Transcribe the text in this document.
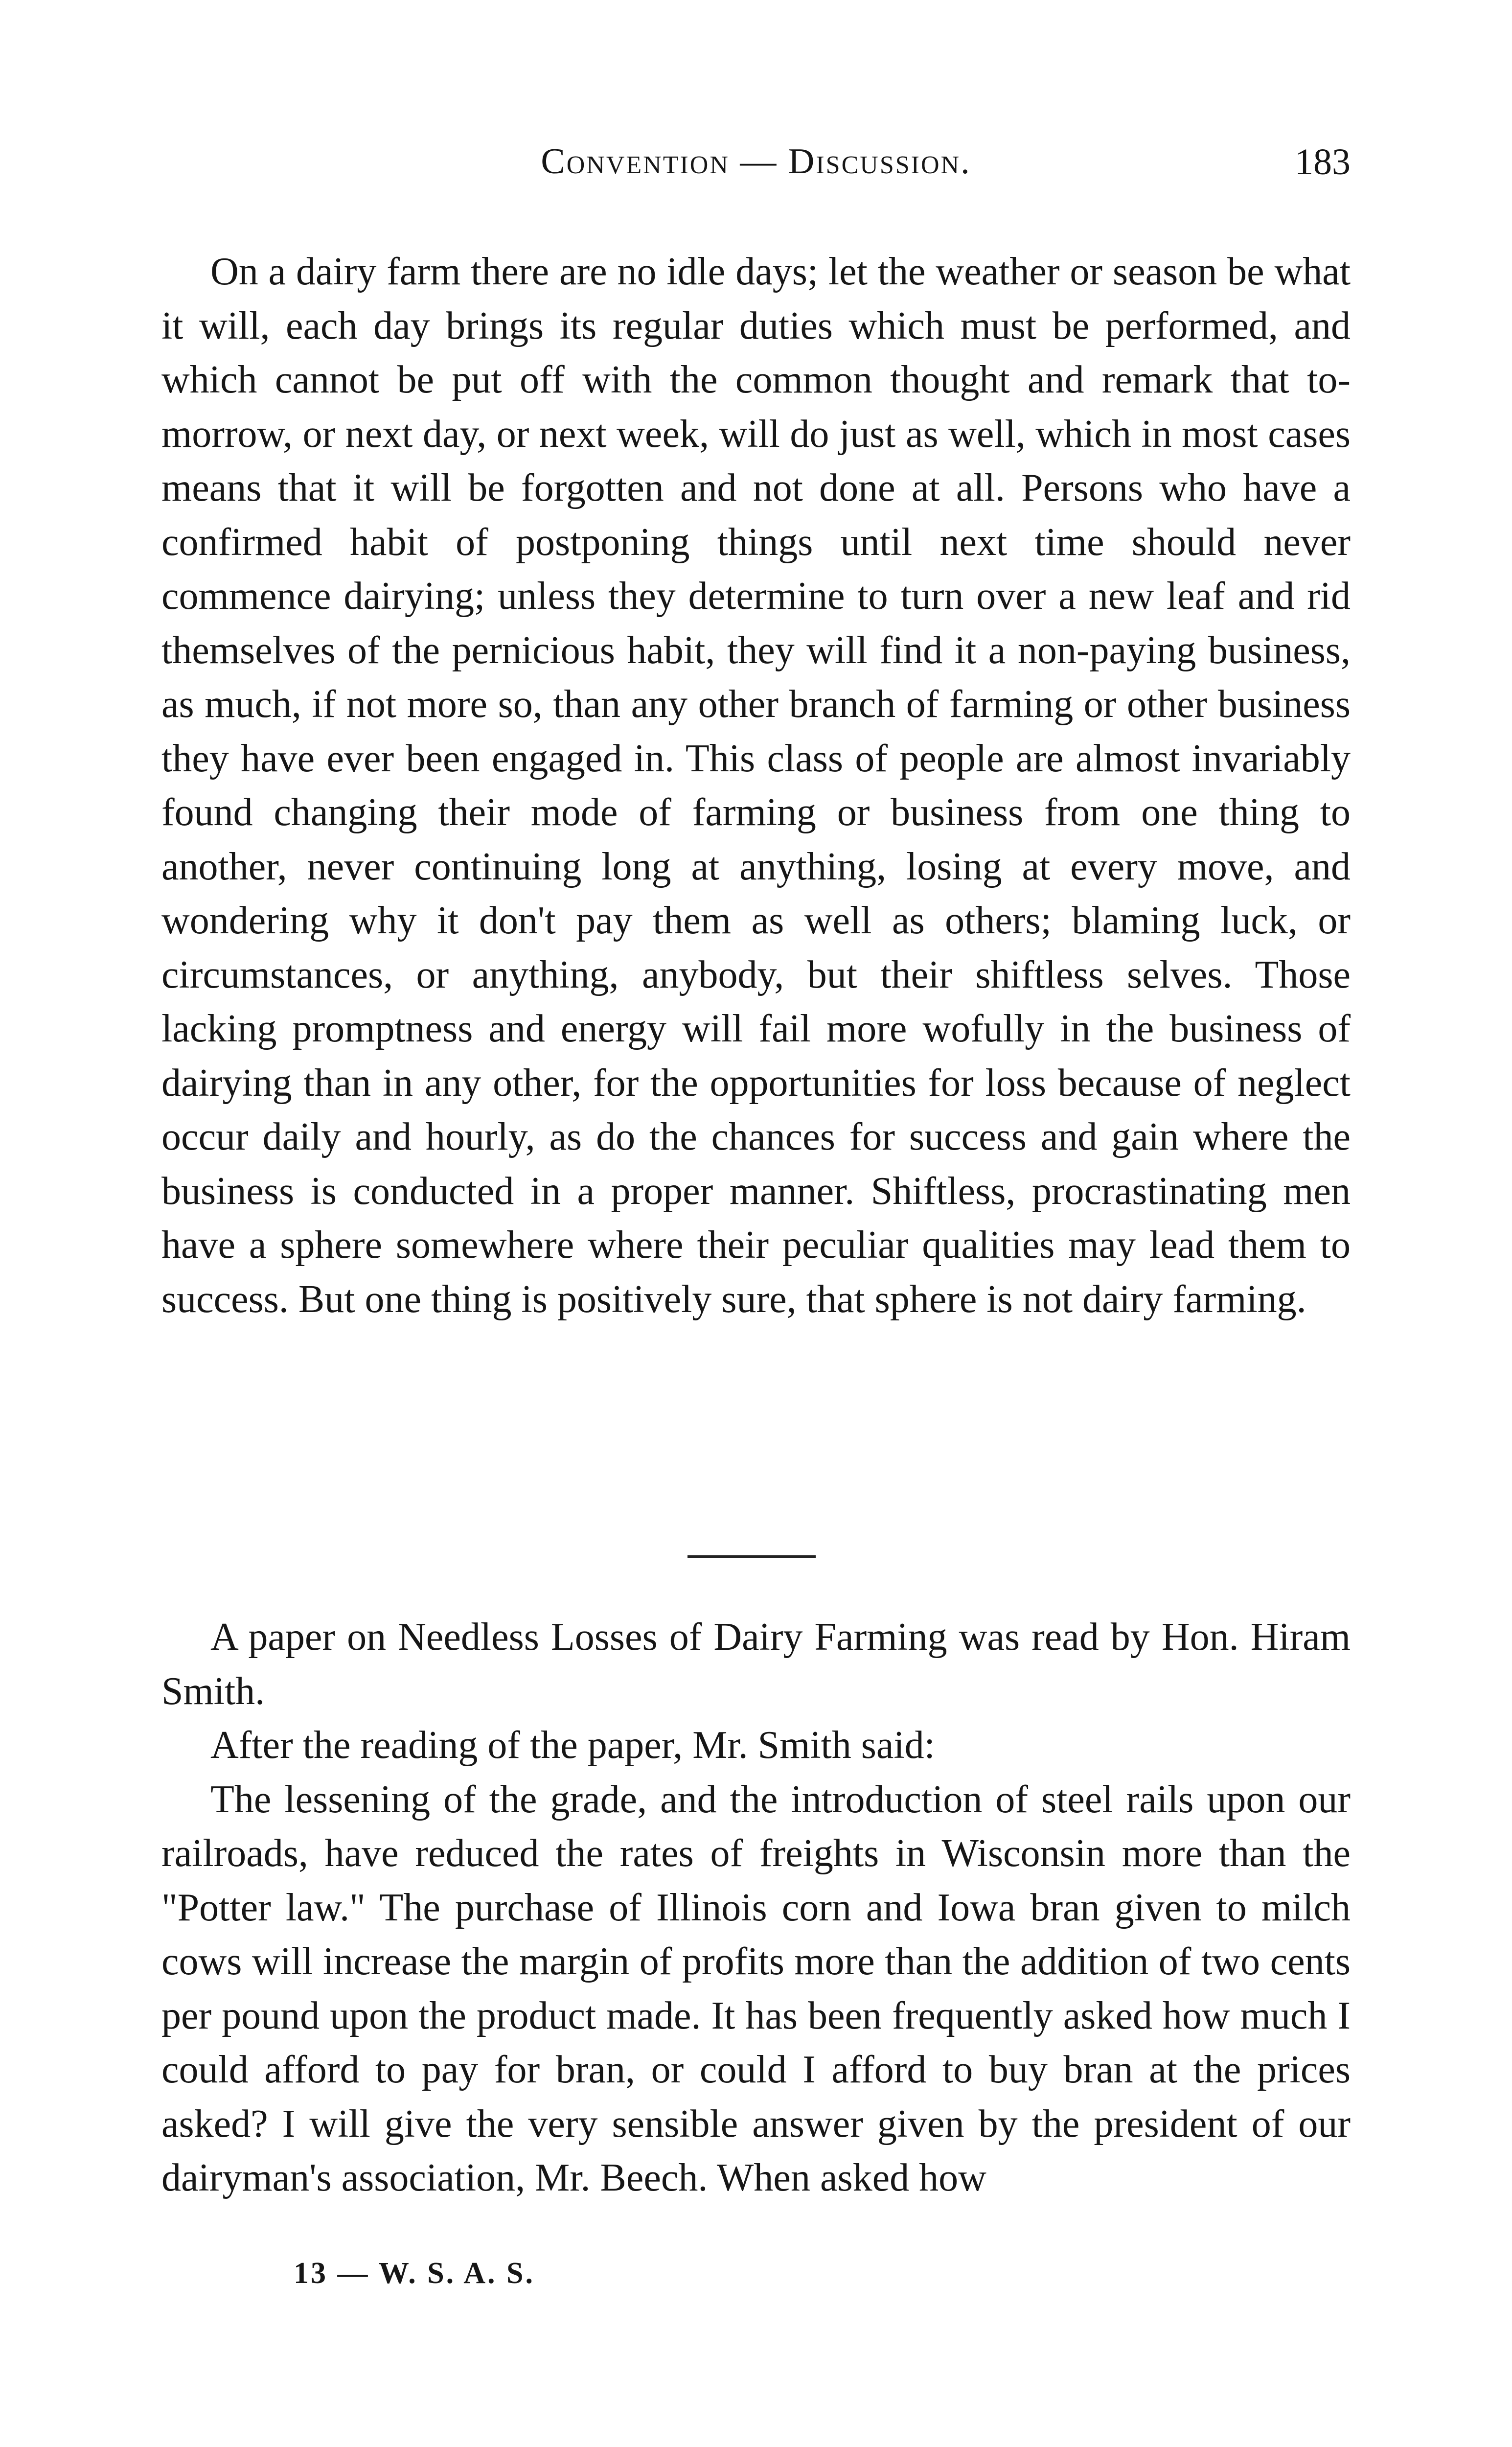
Convention — Discussion.	183

On a dairy farm there are no idle days; let the weather or season be what it will, each day brings its regular duties which must be performed, and which cannot be put off with the common thought and remark that to-morrow, or next day, or next week, will do just as well, which in most cases means that it will be forgotten and not done at all. Persons who have a confirmed habit of postponing things until next time should never commence dairying; unless they determine to turn over a new leaf and rid themselves of the pernicious habit, they will find it a non-paying business, as much, if not more so, than any other branch of farming or other business they have ever been engaged in. This class of people are almost invariably found changing their mode of farming or business from one thing to another, never continuing long at anything, losing at every move, and wondering why it don't pay them as well as others; blaming luck, or circumstances, or anything, anybody, but their shiftless selves. Those lacking promptness and energy will fail more wofully in the business of dairying than in any other, for the opportunities for loss because of neglect occur daily and hourly, as do the chances for success and gain where the business is conducted in a proper manner. Shiftless, procrastinating men have a sphere somewhere where their peculiar qualities may lead them to success. But one thing is positively sure, that sphere is not dairy farming.

A paper on Needless Losses of Dairy Farming was read by Hon. Hiram Smith.

After the reading of the paper, Mr. Smith said:

The lessening of the grade, and the introduction of steel rails upon our railroads, have reduced the rates of freights in Wisconsin more than the "Potter law." The purchase of Illinois corn and Iowa bran given to milch cows will increase the margin of profits more than the addition of two cents per pound upon the product made. It has been frequently asked how much I could afford to pay for bran, or could I afford to buy bran at the prices asked? I will give the very sensible answer given by the president of our dairyman's association, Mr. Beech. When asked how

13 — W. S. A. S.
